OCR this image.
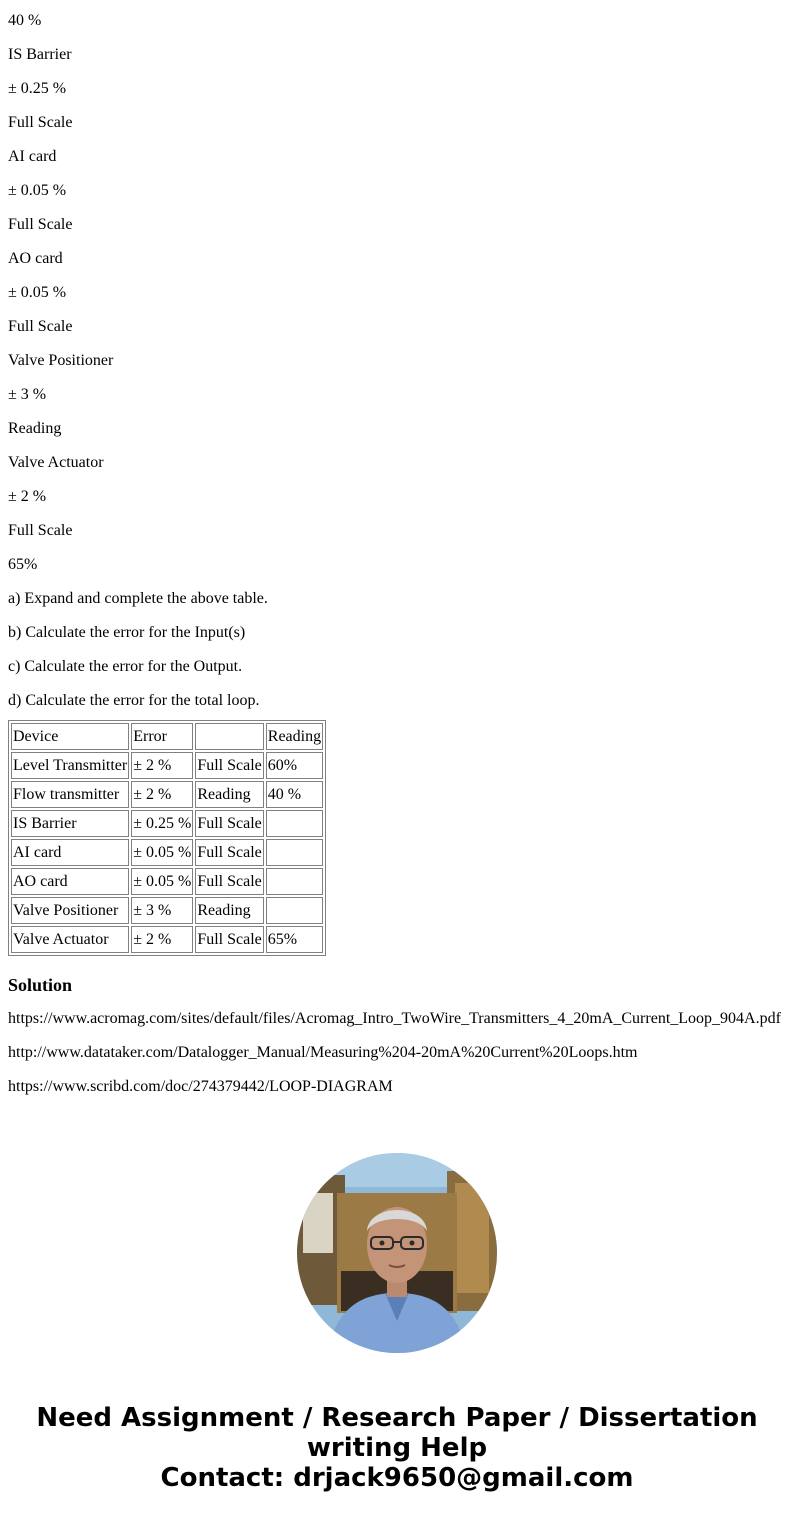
40 %
IS Barrier
± 0.25 %
Full Scale
AI card
± 0.05 %
Full Scale
AO card
± 0.05 %
Full Scale
Valve Positioner
± 3 %
Reading
Valve Actuator
± 2 %
Full Scale
65%
a) Expand and complete the above table.
b) Calculate the error for the Input(s)
c) Calculate the error for the Output.
d) Calculate the error for the total loop.
Device	Error		Reading
Level Transmitter	± 2 %	Full Scale	60%
Flow transmitter	± 2 %	Reading	40 %
IS Barrier	± 0.25 %	Full Scale	
AI card	± 0.05 %	Full Scale	
AO card	± 0.05 %	Full Scale	
Valve Positioner	± 3 %	Reading	
Valve Actuator	± 2 %	Full Scale	65%
Solution
https://www.acromag.com/sites/default/files/Acromag_Intro_TwoWire_Transmitters_4_20mA_Current_Loop_904A.pdf
http://www.datataker.com/Datalogger_Manual/Measuring%204-20mA%20Current%20Loops.htm
https://www.scribd.com/doc/274379442/LOOP-DIAGRAM
Need Assignment / Research Paper / Dissertation
writing Help
Contact: drjack9650@gmail.com
